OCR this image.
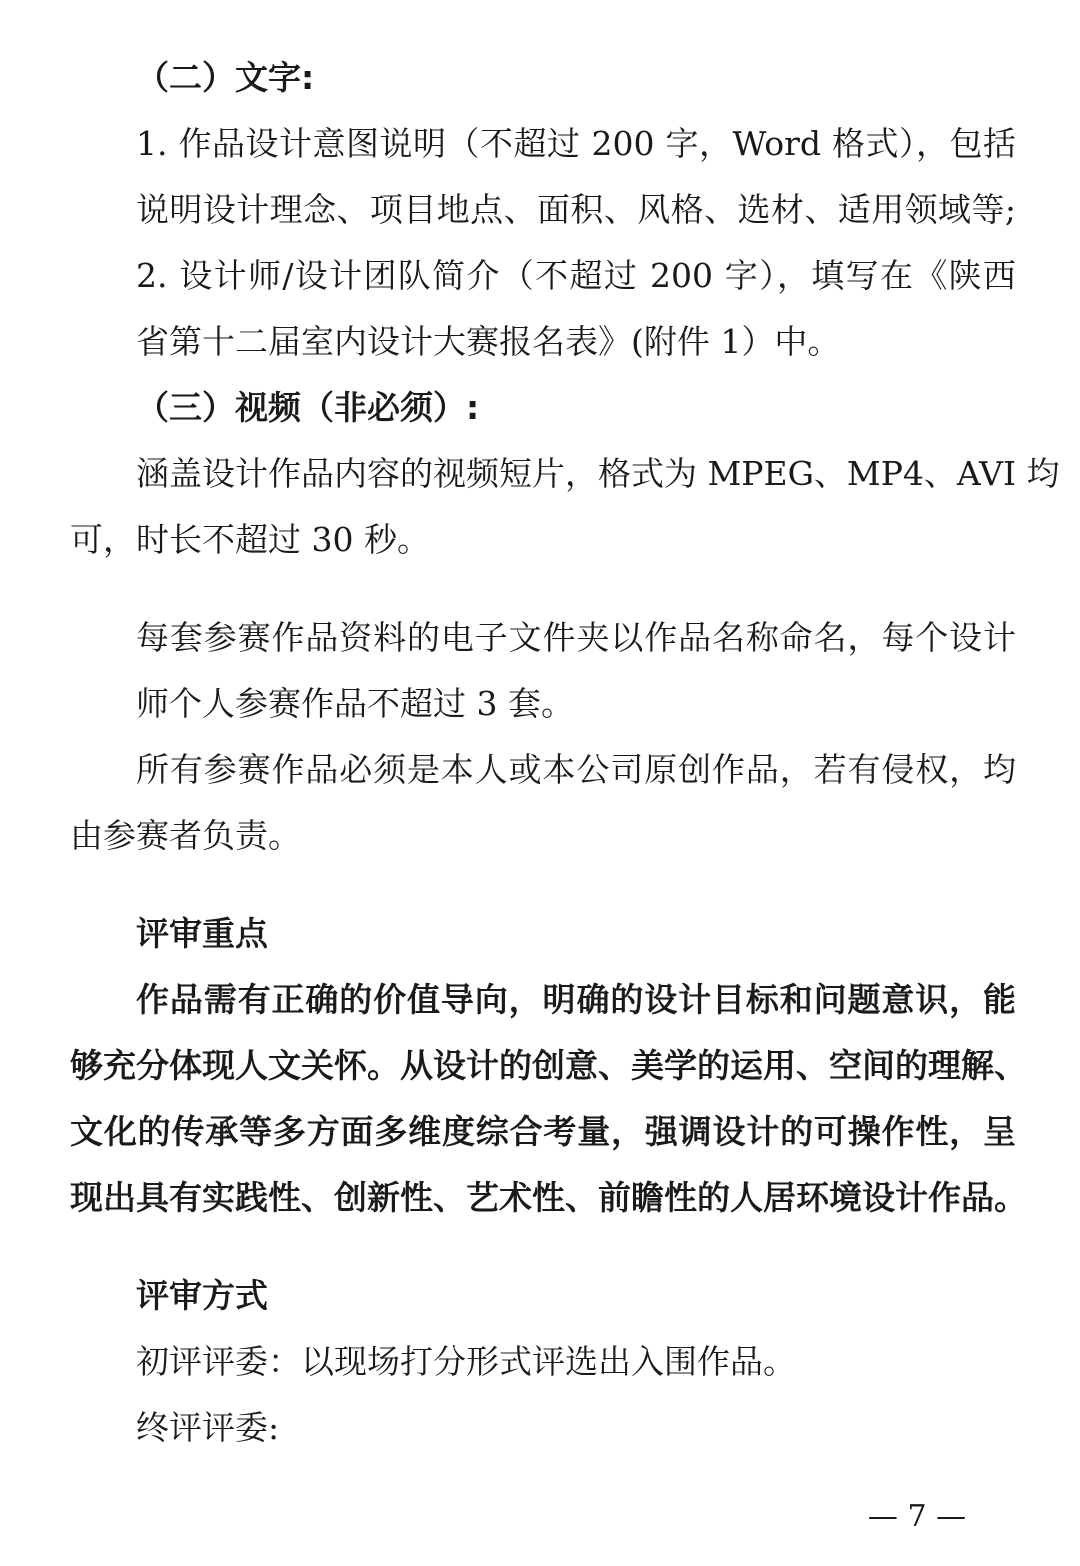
（二）文字:
1. 作品设计意图说明（不超过 200 字，Word 格式），包括
说明设计理念、项目地点、面积、风格、选材、适用领域等;
2. 设计师/设计团队简介（不超过 200 字），填写在《陕西
省第十二届室内设计大赛报名表》(附件 1）中。
（三）视频（非必须）:
涵盖设计作品内容的视频短片，格式为 MPEG、MP4、AVI 均
可，时长不超过 30 秒。
每套参赛作品资料的电子文件夹以作品名称命名，每个设计
师个人参赛作品不超过 3 套。
所有参赛作品必须是本人或本公司原创作品，若有侵权，均
由参赛者负责。
评审重点
作品需有正确的价值导向，明确的设计目标和问题意识，能
够充分体现人文关怀。从设计的创意、美学的运用、空间的理解、
文化的传承等多方面多维度综合考量，强调设计的可操作性，呈
现出具有实践性、创新性、艺术性、前瞻性的人居环境设计作品。
评审方式
初评评委：以现场打分形式评选出入围作品。
终评评委:
— 7 —
